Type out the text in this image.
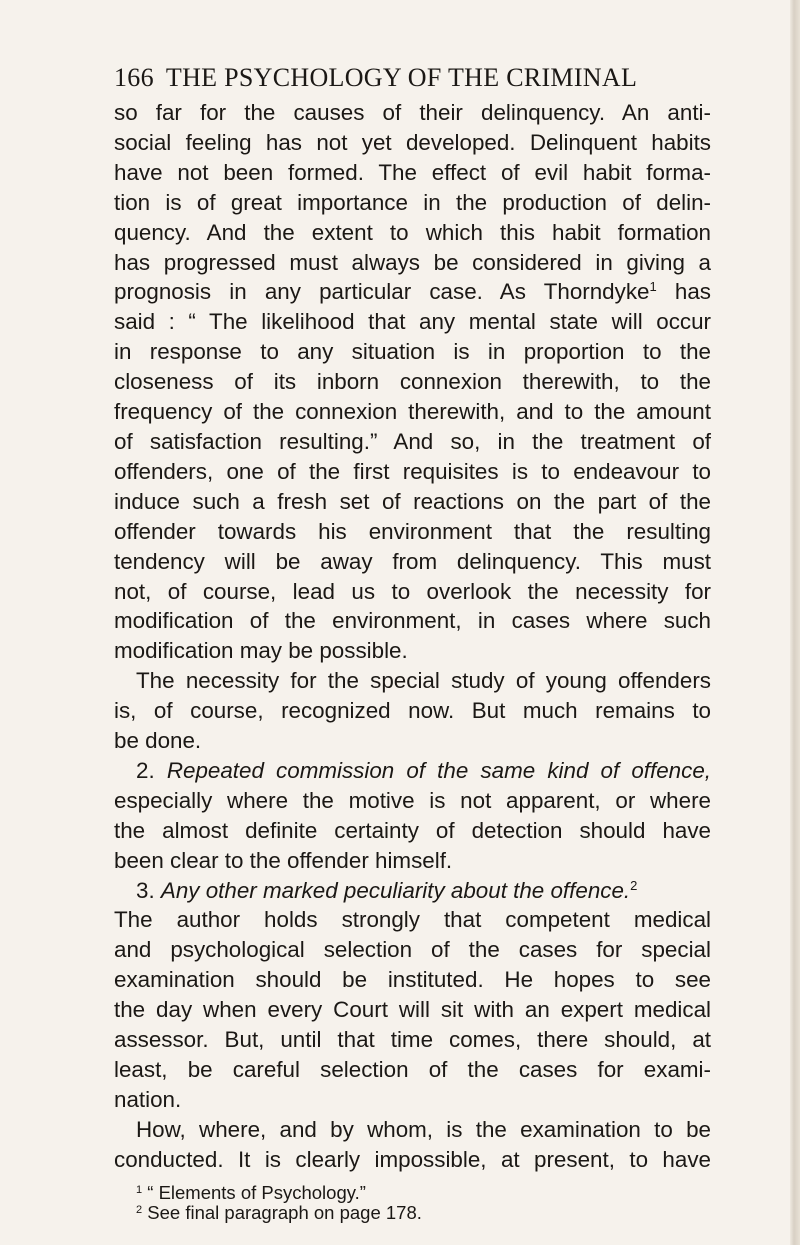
166 THE PSYCHOLOGY OF THE CRIMINAL
so far for the causes of their delinquency. An anti-
social feeling has not yet developed. Delinquent habits
have not been formed. The effect of evil habit forma-
tion is of great importance in the production of delin-
quency. And the extent to which this habit formation
has progressed must always be considered in giving a
prognosis in any particular case. As Thorndyke$^1$ has
said : “ The likelihood that any mental state will occur
in response to any situation is in proportion to the
closeness of its inborn connexion therewith, to the
frequency of the connexion therewith, and to the amount
of satisfaction resulting.” And so, in the treatment of
offenders, one of the first requisites is to endeavour to
induce such a fresh set of reactions on the part of the
offender towards his environment that the resulting
tendency will be away from delinquency. This must
not, of course, lead us to overlook the necessity for
modification of the environment, in cases where such
modification may be possible.
The necessity for the special study of young offenders
is, of course, recognized now. But much remains to
be done.
2. Repeated commission of the same kind of offence,
especially where the motive is not apparent, or where
the almost definite certainty of detection should have
been clear to the offender himself.
3. Any other marked peculiarity about the offence.$^2$
The author holds strongly that competent medical
and psychological selection of the cases for special
examination should be instituted. He hopes to see
the day when every Court will sit with an expert medical
assessor. But, until that time comes, there should, at
least, be careful selection of the cases for exami-
nation.
How, where, and by whom, is the examination to be
conducted. It is clearly impossible, at present, to have
$^1$ “ Elements of Psychology.”
$^2$ See final paragraph on page 178.
